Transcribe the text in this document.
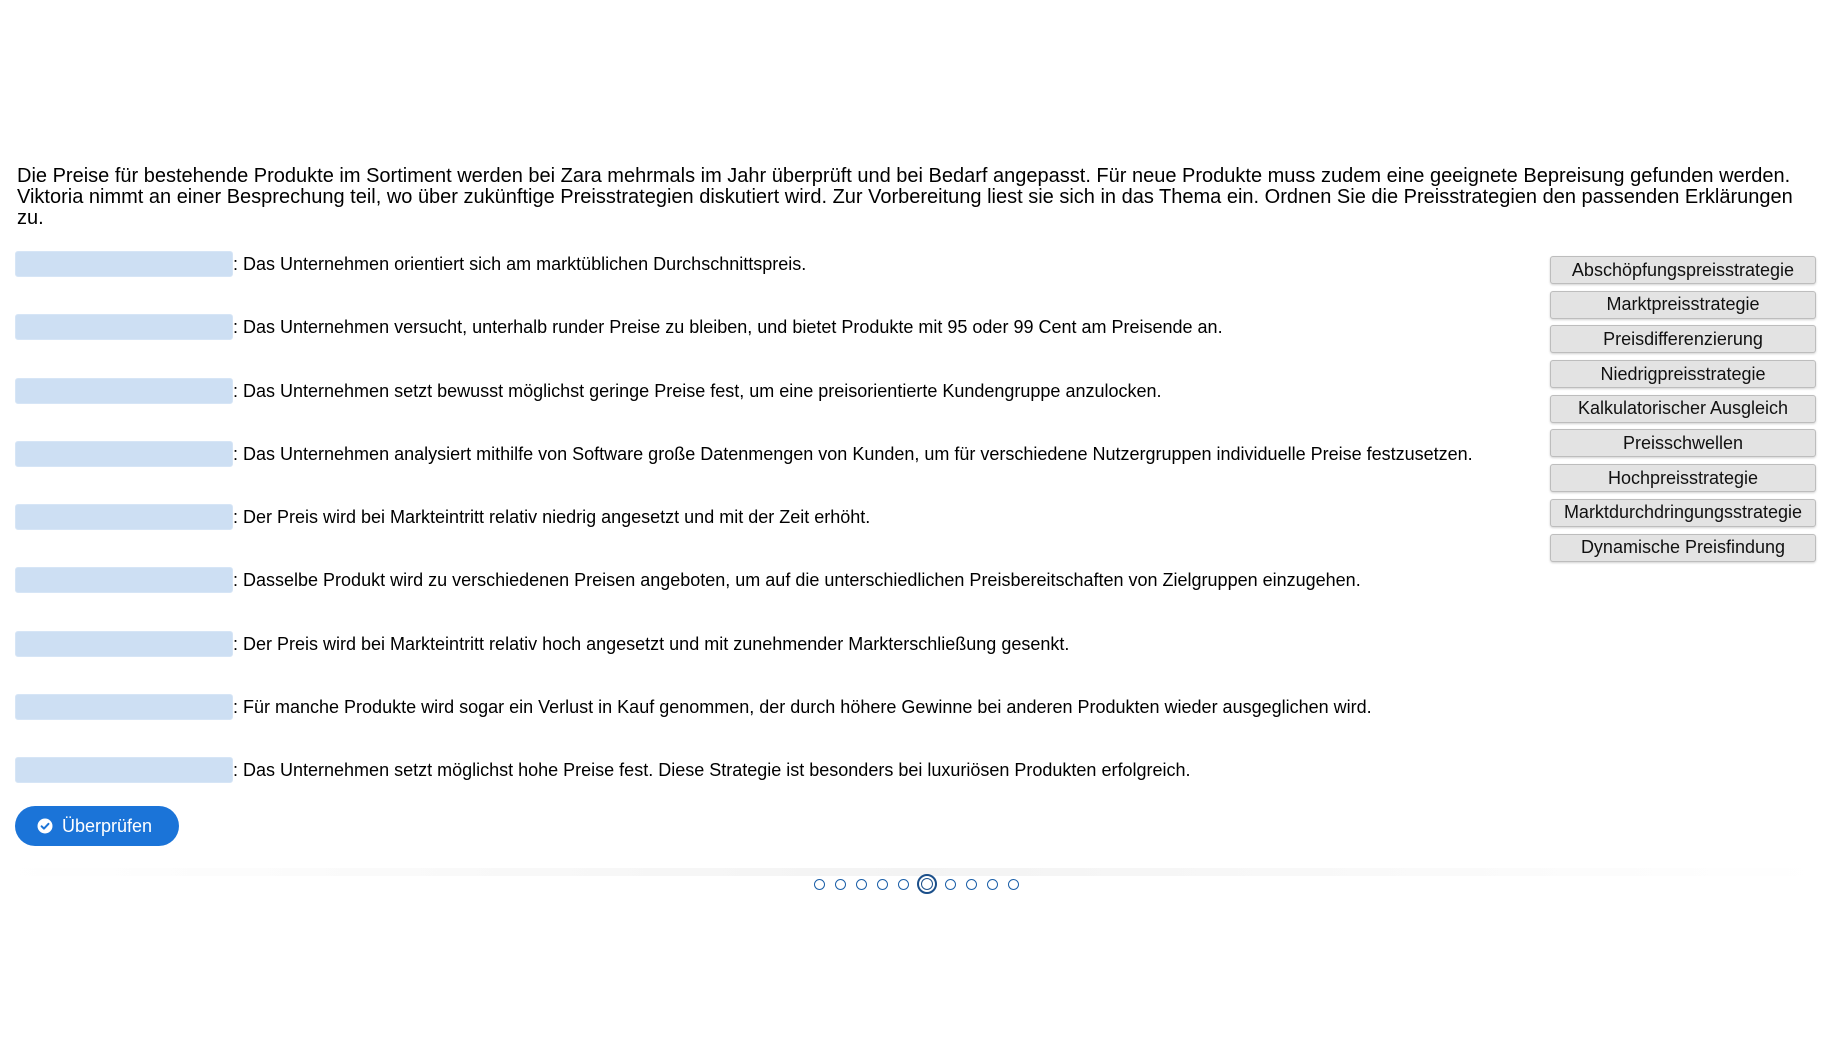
Die Preise für bestehende Produkte im Sortiment werden bei Zara mehrmals im Jahr überprüft und bei Bedarf angepasst. Für neue Produkte muss zudem eine geeignete Bepreisung gefunden werden. Viktoria nimmt an einer Besprechung teil, wo über zukünftige Preisstrategien diskutiert wird. Zur Vorbereitung liest sie sich in das Thema ein. Ordnen Sie die Preisstrategien den passenden Erklärungen zu.

: Das Unternehmen orientiert sich am marktüblichen Durchschnittspreis.
: Das Unternehmen versucht, unterhalb runder Preise zu bleiben, und bietet Produkte mit 95 oder 99 Cent am Preisende an.
: Das Unternehmen setzt bewusst möglichst geringe Preise fest, um eine preisorientierte Kundengruppe anzulocken.
: Das Unternehmen analysiert mithilfe von Software große Datenmengen von Kunden, um für verschiedene Nutzergruppen individuelle Preise festzusetzen.
: Der Preis wird bei Markteintritt relativ niedrig angesetzt und mit der Zeit erhöht.
: Dasselbe Produkt wird zu verschiedenen Preisen angeboten, um auf die unterschiedlichen Preisbereitschaften von Zielgruppen einzugehen.
: Der Preis wird bei Markteintritt relativ hoch angesetzt und mit zunehmender Markterschließung gesenkt.
: Für manche Produkte wird sogar ein Verlust in Kauf genommen, der durch höhere Gewinne bei anderen Produkten wieder ausgeglichen wird.
: Das Unternehmen setzt möglichst hohe Preise fest. Diese Strategie ist besonders bei luxuriösen Produkten erfolgreich.
Abschöpfungspreisstrategie
Marktpreisstrategie
Preisdifferenzierung
Niedrigpreisstrategie
Kalkulatorischer Ausgleich
Preisschwellen
Hochpreisstrategie
Marktdurchdringungsstrategie
Dynamische Preisfindung
Überprüfen
